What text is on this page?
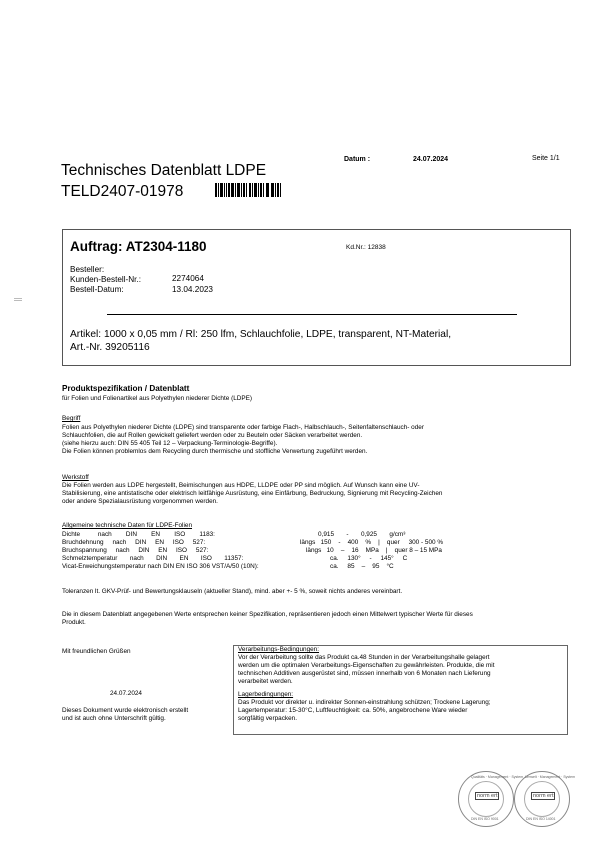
Technisches Datenblatt LDPE
TELD2407-01978
Datum :	24.07.2024	Seite 1/1
Auftrag: AT2304-1180	Kd.Nr.: 12838
Besteller:
Kunden-Bestell-Nr.:	2274064
Bestell-Datum:	13.04.2023
Artikel: 1000 x 0,05 mm / Rl: 250 lfm, Schlauchfolie, LDPE, transparent, NT-Material,
Art.-Nr. 39205116
Produktspezifikation / Datenblatt
für Folien und Folienartikel aus Polyethylen niederer Dichte (LDPE)
Begriff
Folien aus Polyethylen niederer Dichte (LDPE) sind transparente oder farbige Flach-, Halbschlauch-, Seitenfaltenschlauch- oder
Schlauchfolien, die auf Rollen gewickelt geliefert werden oder zu Beuteln oder Säcken verarbeitet werden.
(siehe hierzu auch: DIN 55 405 Teil 12 – Verpackung-Terminologie-Begriffe).
Die Folien können problemlos dem Recycling durch thermische und stoffliche Verwertung zugeführt werden.
Werkstoff
Die Folien werden aus LDPE hergestellt, Beimischungen aus HDPE, LLDPE oder PP sind möglich. Auf Wunsch kann eine UV-
Stabilisierung, eine antistatische oder elektrisch leitfähige Ausrüstung, eine Einfärbung, Bedruckung, Signierung mit Recycling-Zeichen
oder andere Spezialausrüstung vorgenommen werden.
Allgemeine technische Daten für LDPE-Folien
Dichte          nach        DIN        EN        ISO        1183:	0,915       -       0,925       g/cm³
Bruchdehnung     nach     DIN     EN     ISO     527:	längs   150    -    400    %    |    quer     300 - 500 %
Bruchspannung     nach     DIN     EN     ISO     527:	längs   10    –    16    MPa    |    quer 8 – 15 MPa
Schmelztemperatur       nach       DIN       EN       ISO       11357:	ca.     130°     -     145°     C
Vicat-Erweichungstemperatur nach DIN EN ISO 306 VST/A/50 (10N):	ca.     85    –    95    °C
Toleranzen lt. GKV-Prüf- und Bewertungsklauseln (aktueller Stand), mind. aber +- 5 %, soweit nichts anderes vereinbart.
Die in diesem Datenblatt angegebenen Werte entsprechen keiner Spezifikation, repräsentieren jedoch einen Mittelwert typischer Werte für dieses
Produkt.
Mit freundlichen Grüßen
24.07.2024
Dieses Dokument wurde elektronisch erstellt
und ist auch ohne Unterschrift gültig.
Verarbeitungs-Bedingungen:
Vor der Verarbeitung sollte das Produkt ca.48 Stunden in der Verarbeitungshalle gelagert
werden um die optimalen Verarbeitungs-Eigenschaften zu gewährleisten. Produkte, die mit
technischen Additiven ausgerüstet sind, müssen innerhalb von 6 Monaten nach Lieferung
verarbeitet werden.
Lagerbedingungen:
Das Produkt vor direkter u. indirekter Sonnen-einstrahlung schützen; Trockene Lagerung;
Lagertemperatur: 15-30°C, Luftfeuchtigkeit: ca. 50%, angebrochene Ware wieder
sorgfältig verpacken.
Qualitäts · Management · System
norm ert
DIN EN ISO 9001
Umwelt · Management · System
norm ert
DIN EN ISO 14001
